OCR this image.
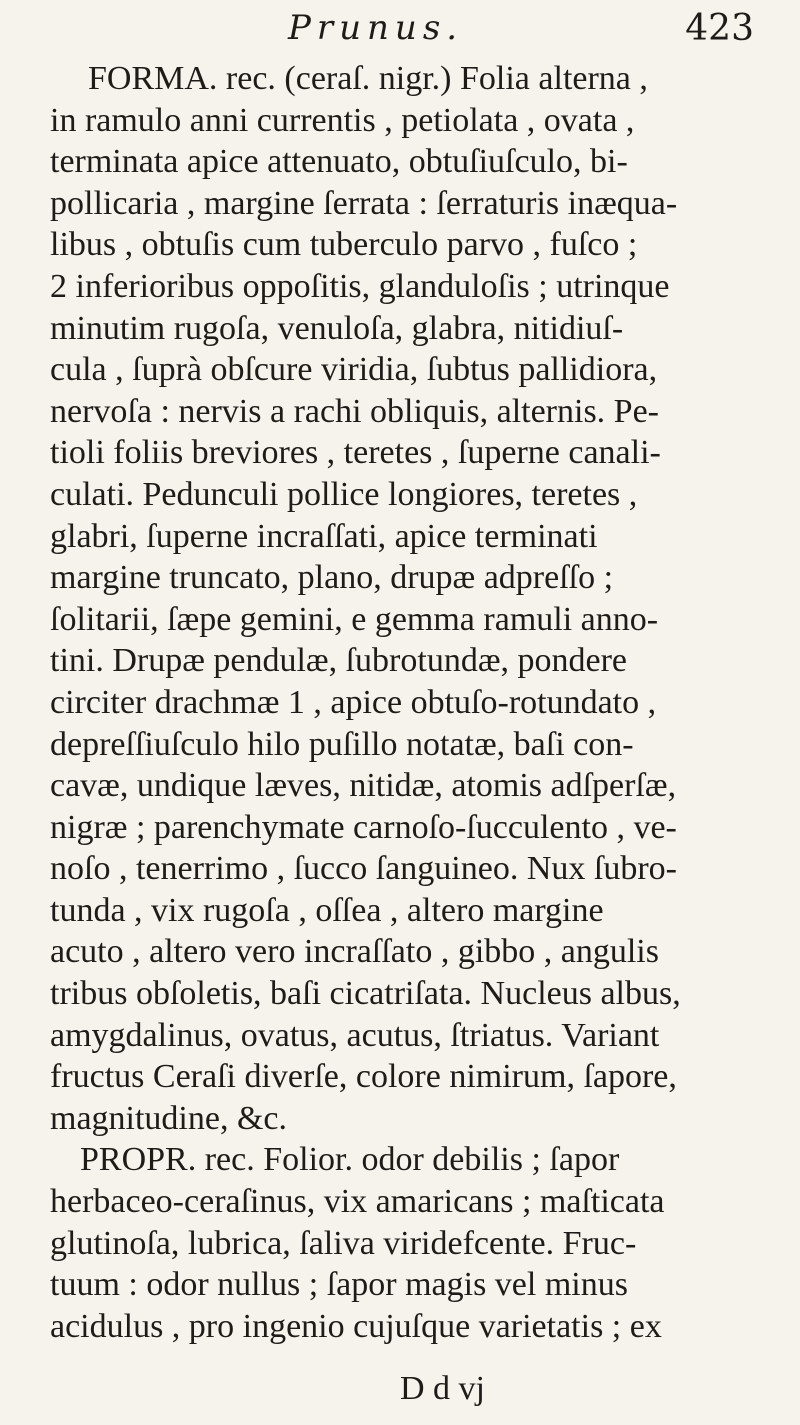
Prunus.	423
FORMA. rec. (ceraſ. nigr.) Folia alterna ,
in ramulo anni currentis , petiolata , ovata ,
terminata apice attenuato, obtuſiuſculo, bi-
pollicaria , margine ſerrata : ſerraturis inæqua-
libus , obtuſis cum tuberculo parvo , fuſco ;
2 inferioribus oppoſitis, glanduloſis ; utrinque
minutim rugoſa, venuloſa, glabra, nitidiuſ-
cula , ſuprà obſcure viridia, ſubtus pallidiora,
nervoſa : nervis a rachi obliquis, alternis. Pe-
tioli foliis breviores , teretes , ſuperne canali-
culati. Pedunculi pollice longiores, teretes ,
glabri, ſuperne incraſſati, apice terminati
margine truncato, plano, drupæ adpreſſo ;
ſolitarii, ſæpe gemini, e gemma ramuli anno-
tini. Drupæ pendulæ, ſubrotundæ, pondere
circiter drachmæ 1 , apice obtuſo-rotundato ,
depreſſiuſculo hilo puſillo notatæ, baſi con-
cavæ, undique læves, nitidæ, atomis adſperſæ,
nigræ ; parenchymate carnoſo-ſucculento , ve-
noſo , tenerrimo , ſucco ſanguineo. Nux ſubro-
tunda , vix rugoſa , oſſea , altero margine
acuto , altero vero incraſſato , gibbo , angulis
tribus obſoletis, baſi cicatriſata. Nucleus albus,
amygdalinus, ovatus, acutus, ſtriatus. Variant
fructus Ceraſi diverſe, colore nimirum, ſapore,
magnitudine, &c.
PROPR. rec. Folior. odor debilis ; ſapor
herbaceo-ceraſinus, vix amaricans ; maſticata
glutinoſa, lubrica, ſaliva viridefcente. Fruc-
tuum : odor nullus ; ſapor magis vel minus
acidulus , pro ingenio cujuſque varietatis ; ex
D d vj
